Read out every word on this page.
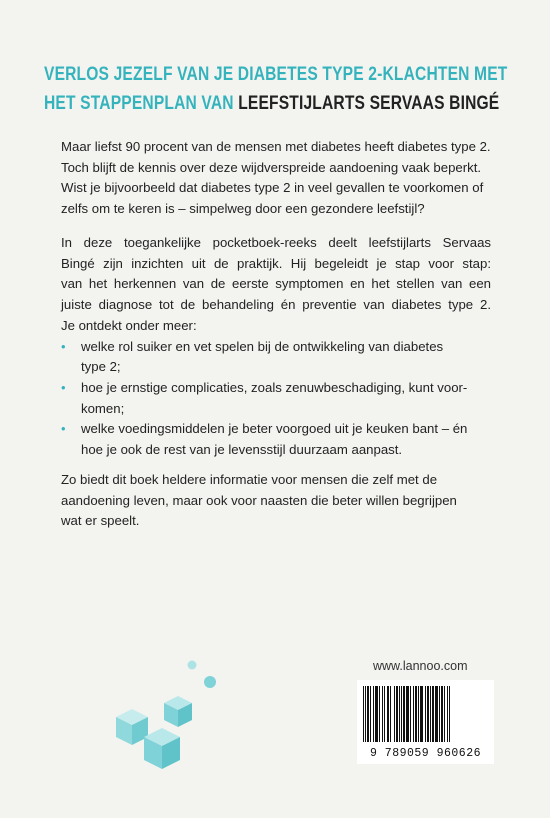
VERLOS JEZELF VAN JE DIABETES TYPE 2-KLACHTEN MET
HET STAPPENPLAN VAN LEEFSTIJLARTS SERVAAS BINGÉ
Maar liefst 90 procent van de mensen met diabetes heeft diabetes type 2.
Toch blijft de kennis over deze wijdverspreide aandoening vaak beperkt.
Wist je bijvoorbeeld dat diabetes type 2 in veel gevallen te voorkomen of
zelfs om te keren is – simpelweg door een gezondere leefstijl?
In deze toegankelijke pocketboek-reeks deelt leefstijlarts Servaas
Bingé zijn inzichten uit de praktijk. Hij begeleidt je stap voor stap:
van het herkennen van de eerste symptomen en het stellen van een
juiste diagnose tot de behandeling én preventie van diabetes type 2.
Je ontdekt onder meer:
• welke rol suiker en vet spelen bij de ontwikkeling van diabetes
type 2;
• hoe je ernstige complicaties, zoals zenuwbeschadiging, kunt voor-
komen;
• welke voedingsmiddelen je beter voorgoed uit je keuken bant – én
hoe je ook de rest van je levensstijl duurzaam aanpast.
Zo biedt dit boek heldere informatie voor mensen die zelf met de
aandoening leven, maar ook voor naasten die beter willen begrijpen
wat er speelt.
www.lannoo.com
9 789059 960626
